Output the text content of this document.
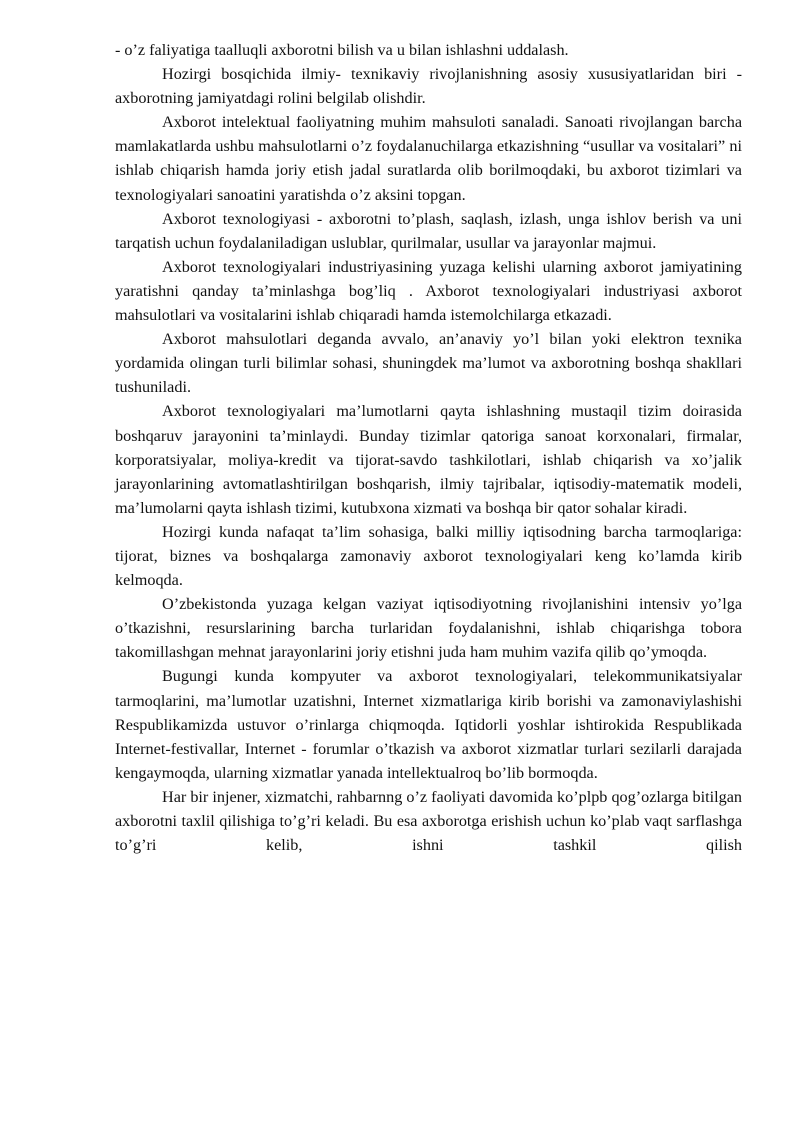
- o’z faliyatiga taalluqli axborotni bilish va u bilan ishlashni uddalash.

Hozirgi bosqichida ilmiy- texnikaviy rivojlanishning asosiy xususiyatlaridan biri - axborotning jamiyatdagi rolini belgilab olishdir.

Axborot intelektual faoliyatning muhim mahsuloti sanaladi. Sanoati rivojlangan barcha mamlakatlarda ushbu mahsulotlarni o’z foydalanuchilarga etkazishning “usullar va vositalari” ni ishlab chiqarish hamda joriy etish jadal suratlarda olib borilmoqdaki, bu axborot tizimlari va texnologiyalari sanoatini yaratishda o’z aksini topgan.

Axborot texnologiyasi - axborotni to’plash, saqlash, izlash, unga ishlov berish va uni tarqatish uchun foydalaniladigan uslublar, qurilmalar, usullar va jarayonlar majmui.

Axborot texnologiyalari industriyasining yuzaga kelishi ularning axborot jamiyatining yaratishni qanday ta’minlashga bog’liq . Axborot texnologiyalari industriyasi axborot mahsulotlari va vositalarini ishlab chiqaradi hamda istemolchilarga etkazadi.

Axborot mahsulotlari deganda avvalo, an’anaviy yo’l bilan yoki elektron texnika yordamida olingan turli bilimlar sohasi, shuningdek ma’lumot va axborotning boshqa shakllari tushuniladi.

Axborot texnologiyalari ma’lumotlarni qayta ishlashning mustaqil tizim doirasida boshqaruv jarayonini ta’minlaydi. Bunday tizimlar qatoriga sanoat korxonalari, firmalar, korporatsiyalar, moliya-kredit va tijorat-savdo tashkilotlari, ishlab chiqarish va xo’jalik jarayonlarining avtomatlashtirilgan boshqarish, ilmiy tajribalar, iqtisodiy-matematik modeli, ma’lumolarni qayta ishlash tizimi, kutubxona xizmati va boshqa bir qator sohalar kiradi.

Hozirgi kunda nafaqat ta’lim sohasiga, balki milliy iqtisodning barcha tarmoqlariga: tijorat, biznes va boshqalarga zamonaviy axborot texnologiyalari keng ko’lamda kirib kelmoqda.

O’zbekistonda yuzaga kelgan vaziyat iqtisodiyotning rivojlanishini intensiv yo’lga o’tkazishni, resurslarining barcha turlaridan foydalanishni, ishlab chiqarishga tobora takomillashgan mehnat jarayonlarini joriy etishni juda ham muhim vazifa qilib qo’ymoqda.

Bugungi kunda kompyuter va axborot texnologiyalari, telekommunikatsiyalar tarmoqlarini, ma’lumotlar uzatishni, Internet xizmatlariga kirib borishi va zamonaviylashishi Respublikamizda ustuvor o’rinlarga chiqmoqda. Iqtidorli yoshlar ishtirokida Respublikada Internet-festivallar, Internet - forumlar o’tkazish va axborot xizmatlar turlari sezilarli darajada kengaymoqda, ularning xizmatlar yanada intellektualroq bo’lib bormoqda.

Har bir injener, xizmatchi, rahbarnng o’z faoliyati davomida ko’plpb qog’ozlarga bitilgan axborotni taxlil qilishiga to’g’ri keladi. Bu esa axborotga erishish uchun ko’plab vaqt sarflashga to’g’ri kelib, ishni tashkil qilish
